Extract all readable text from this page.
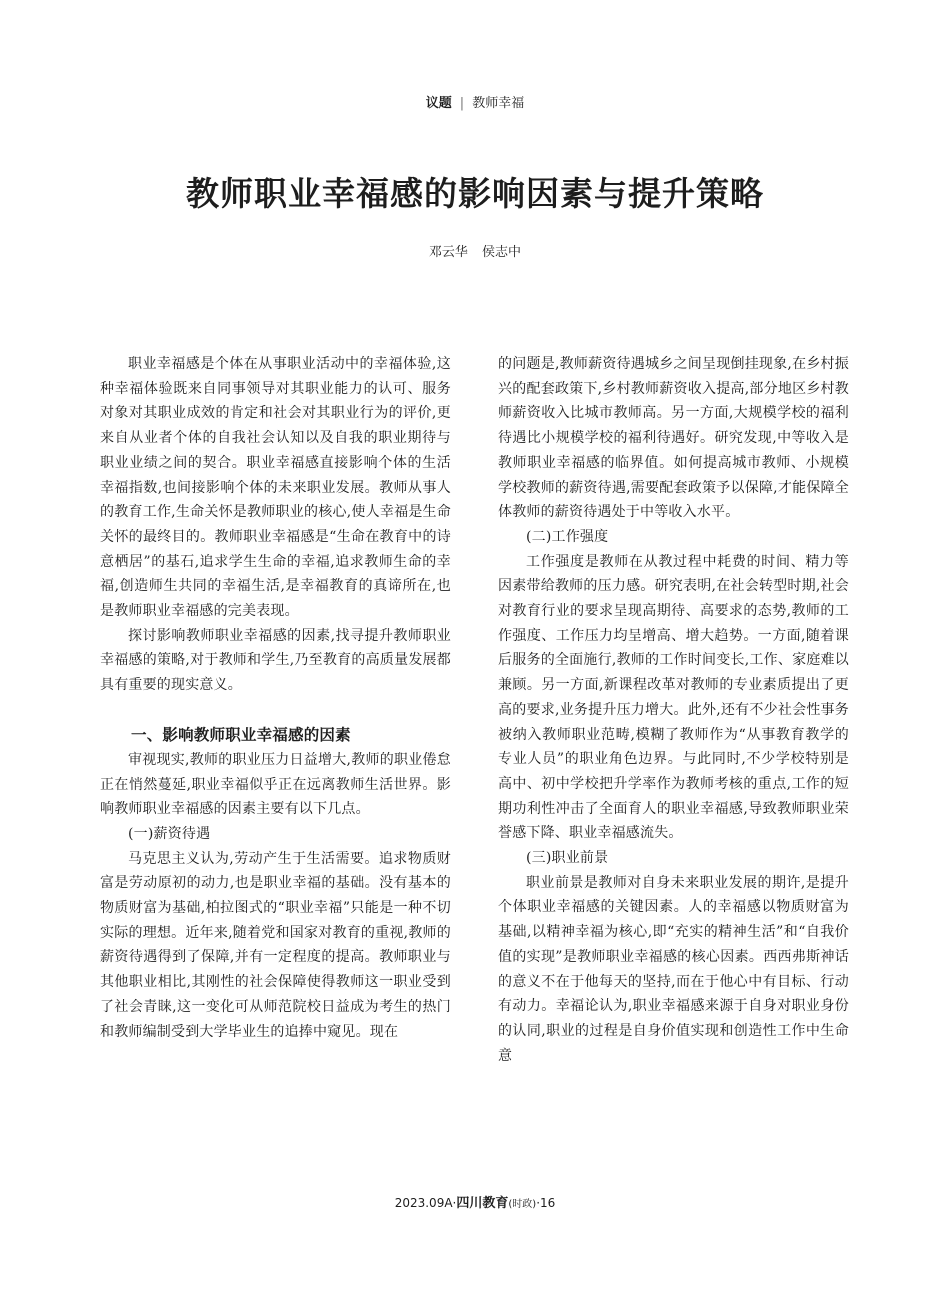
议题 | 教师幸福
教师职业幸福感的影响因素与提升策略
邓云华 侯志中

职业幸福感是个体在从事职业活动中的幸福体验,这种幸福体验既来自同事领导对其职业能力的认可、服务对象对其职业成效的肯定和社会对其职业行为的评价,更来自从业者个体的自我社会认知以及自我的职业期待与职业业绩之间的契合。职业幸福感直接影响个体的生活幸福指数,也间接影响个体的未来职业发展。教师从事人的教育工作,生命关怀是教师职业的核心,使人幸福是生命关怀的最终目的。教师职业幸福感是“生命在教育中的诗意栖居”的基石,追求学生生命的幸福,追求教师生命的幸福,创造师生共同的幸福生活,是幸福教育的真谛所在,也是教师职业幸福感的完美表现。

探讨影响教师职业幸福感的因素,找寻提升教师职业幸福感的策略,对于教师和学生,乃至教育的高质量发展都具有重要的现实意义。

一、影响教师职业幸福感的因素

审视现实,教师的职业压力日益增大,教师的职业倦怠正在悄然蔓延,职业幸福似乎正在远离教师生活世界。影响教师职业幸福感的因素主要有以下几点。

(一)薪资待遇

马克思主义认为,劳动产生于生活需要。追求物质财富是劳动原初的动力,也是职业幸福的基础。没有基本的物质财富为基础,柏拉图式的“职业幸福”只能是一种不切实际的理想。近年来,随着党和国家对教育的重视,教师的薪资待遇得到了保障,并有一定程度的提高。教师职业与其他职业相比,其刚性的社会保障使得教师这一职业受到了社会青睐,这一变化可从师范院校日益成为考生的热门和教师编制受到大学毕业生的追捧中窥见。现在

的问题是,教师薪资待遇城乡之间呈现倒挂现象,在乡村振兴的配套政策下,乡村教师薪资收入提高,部分地区乡村教师薪资收入比城市教师高。另一方面,大规模学校的福利待遇比小规模学校的福利待遇好。研究发现,中等收入是教师职业幸福感的临界值。如何提高城市教师、小规模学校教师的薪资待遇,需要配套政策予以保障,才能保障全体教师的薪资待遇处于中等收入水平。

(二)工作强度

工作强度是教师在从教过程中耗费的时间、精力等因素带给教师的压力感。研究表明,在社会转型时期,社会对教育行业的要求呈现高期待、高要求的态势,教师的工作强度、工作压力均呈增高、增大趋势。一方面,随着课后服务的全面施行,教师的工作时间变长,工作、家庭难以兼顾。另一方面,新课程改革对教师的专业素质提出了更高的要求,业务提升压力增大。此外,还有不少社会性事务被纳入教师职业范畴,模糊了教师作为“从事教育教学的专业人员”的职业角色边界。与此同时,不少学校特别是高中、初中学校把升学率作为教师考核的重点,工作的短期功利性冲击了全面育人的职业幸福感,导致教师职业荣誉感下降、职业幸福感流失。

(三)职业前景

职业前景是教师对自身未来职业发展的期许,是提升个体职业幸福感的关键因素。人的幸福感以物质财富为基础,以精神幸福为核心,即“充实的精神生活”和“自我价值的实现”是教师职业幸福感的核心因素。西西弗斯神话的意义不在于他每天的坚持,而在于他心中有目标、行动有动力。幸福论认为,职业幸福感来源于自身对职业身份的认同,职业的过程是自身价值实现和创造性工作中生命意

2023.09A·四川教育(时政)·16
